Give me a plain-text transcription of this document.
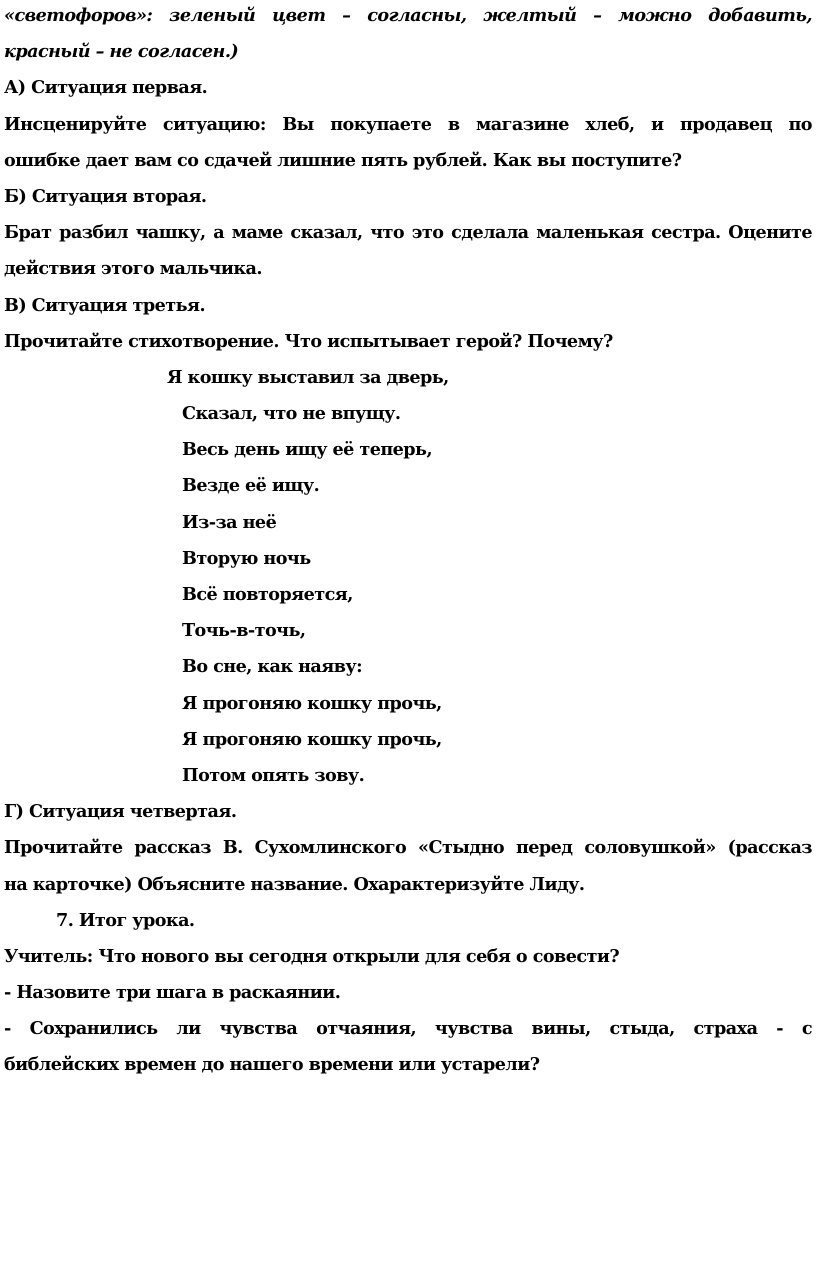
«светофоров»: зеленый цвет – согласны, желтый – можно добавить,
красный – не согласен.)
А) Ситуация первая.
Инсценируйте ситуацию: Вы покупаете в магазине хлеб, и продавец по
ошибке дает вам со сдачей лишние пять рублей. Как вы поступите?
Б) Ситуация вторая.
Брат разбил чашку, а маме сказал, что это сделала маленькая сестра. Оцените
действия этого мальчика.
В) Ситуация третья.
Прочитайте стихотворение. Что испытывает герой? Почему?
Я кошку выставил за дверь,
Сказал, что не впущу.
Весь день ищу её теперь,
Везде её ищу.
Из-за неё
Вторую ночь
Всё повторяется,
Точь-в-точь,
Во сне, как наяву:
Я прогоняю кошку прочь,
Я прогоняю кошку прочь,
Потом опять зову.
Г) Ситуация четвертая.
Прочитайте рассказ В. Сухомлинского «Стыдно перед соловушкой» (рассказ
на карточке) Объясните название. Охарактеризуйте Лиду.
7. Итог урока.
Учитель: Что нового вы сегодня открыли для себя о совести?
- Назовите три шага в раскаянии.
- Сохранились ли чувства отчаяния, чувства вины, стыда, страха - с
библейских времен до нашего времени или устарели?
